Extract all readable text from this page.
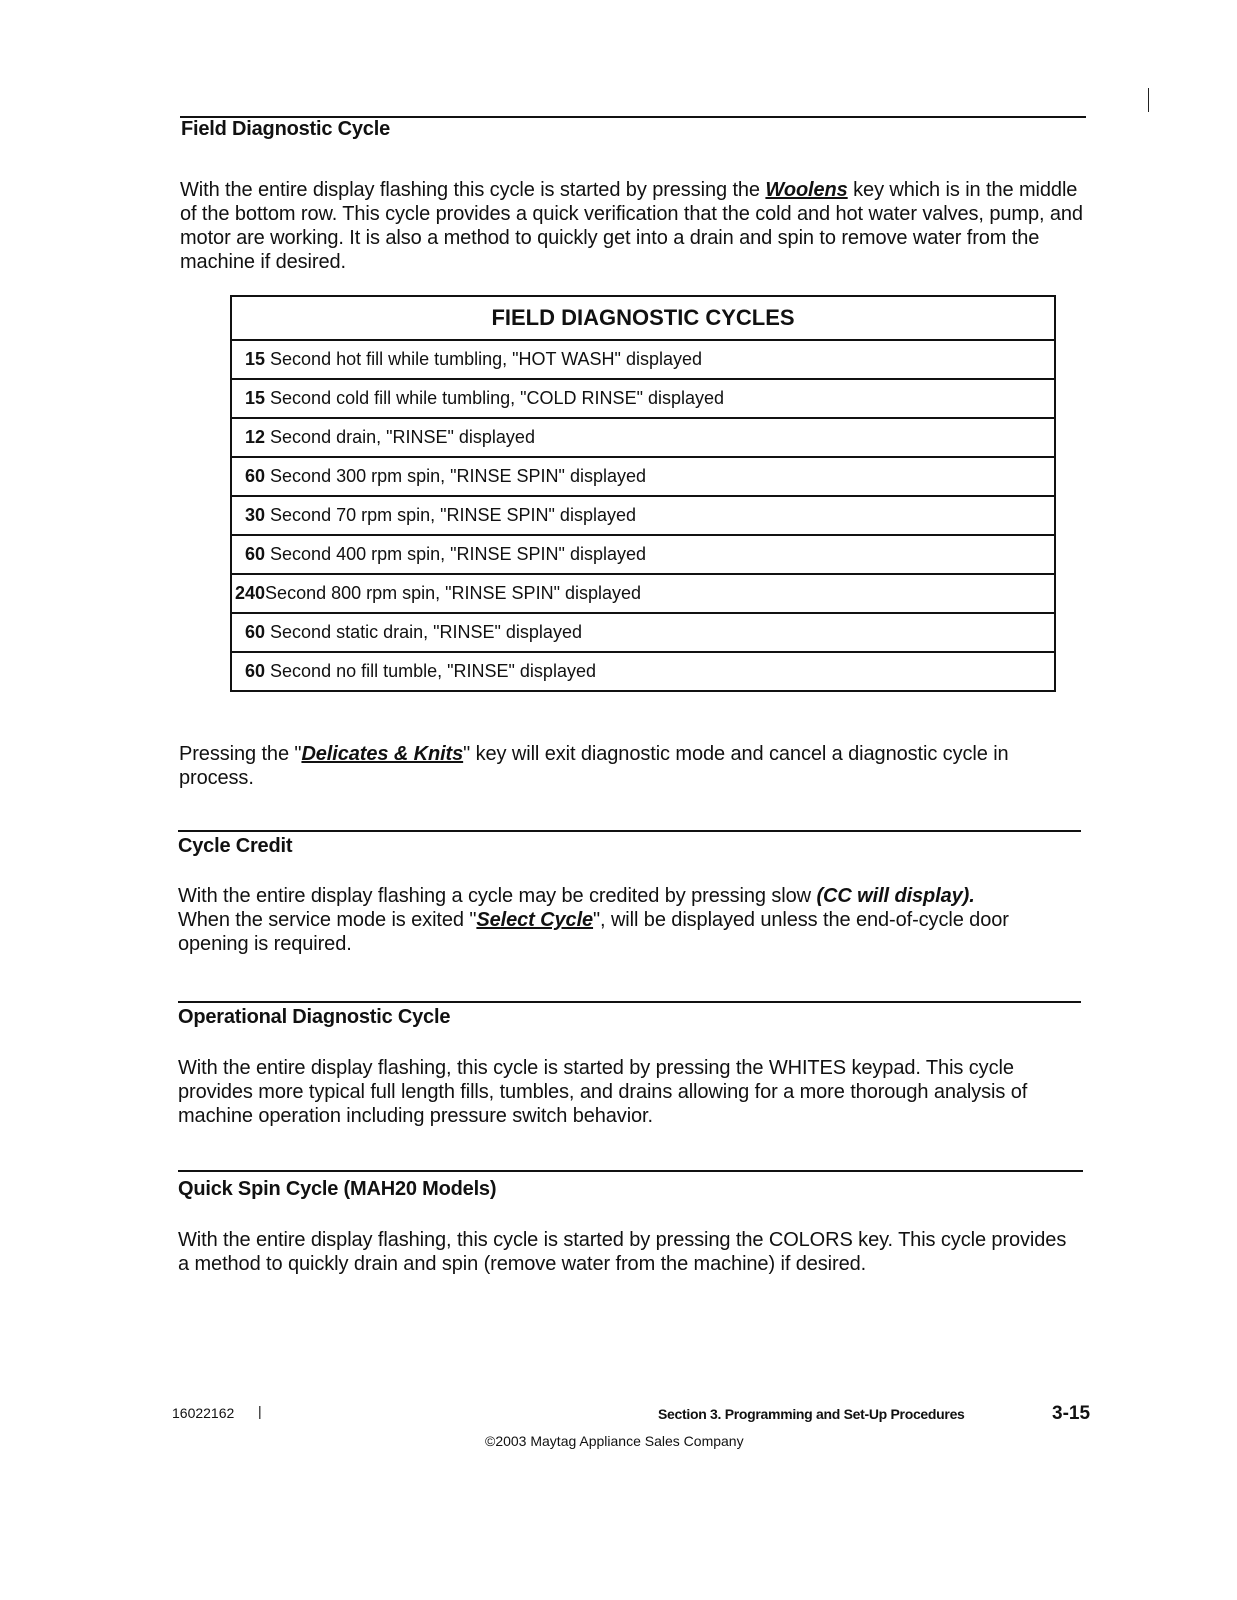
Field Diagnostic Cycle
With the entire display flashing this cycle is started by pressing the Woolens key which is in the middle of the bottom row. This cycle provides a quick verification that the cold and hot water valves, pump, and motor are working. It is also a method to quickly get into a drain and spin to remove water from the machine if desired.
FIELD DIAGNOSTIC CYCLES
15 Second hot fill while tumbling, "HOT WASH" displayed
15 Second cold fill while tumbling, "COLD RINSE" displayed
12 Second drain, "RINSE" displayed
60 Second 300 rpm spin, "RINSE SPIN" displayed
30 Second 70 rpm spin, "RINSE SPIN" displayed
60 Second 400 rpm spin, "RINSE SPIN" displayed
240Second 800 rpm spin, "RINSE SPIN" displayed
60 Second static drain, "RINSE" displayed
60 Second no fill tumble, "RINSE" displayed
Pressing the "Delicates & Knits" key will exit diagnostic mode and cancel a diagnostic cycle in process.
Cycle Credit
With the entire display flashing a cycle may be credited by pressing slow (CC will display).
When the service mode is exited "Select Cycle", will be displayed unless the end-of-cycle door opening is required.
Operational Diagnostic Cycle
With the entire display flashing, this cycle is started by pressing the WHITES keypad. This cycle provides more typical full length fills, tumbles, and drains allowing for a more thorough analysis of machine operation including pressure switch behavior.
Quick Spin Cycle (MAH20 Models)
With the entire display flashing, this cycle is started by pressing the COLORS key. This cycle provides a method to quickly drain and spin (remove water from the machine) if desired.
16022162 |	Section 3. Programming and Set-Up Procedures	3-15
©2003 Maytag Appliance Sales Company
